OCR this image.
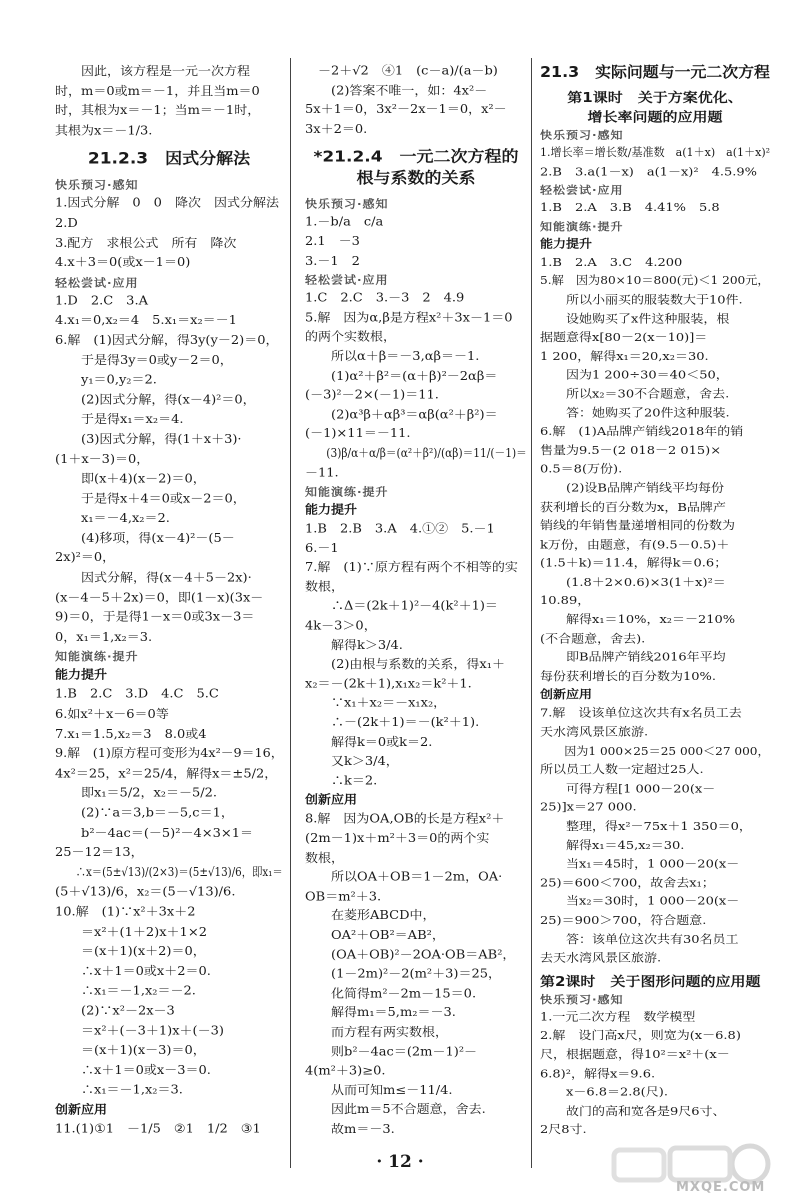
　　因此，该方程是一元一次方程
时，m＝0或m＝－1，并且当m＝0
时，其根为x＝－1；当m＝－1时，
其根为x＝－1/3.
21.2.3　因式分解法
快乐预习·感知
1.因式分解　0　0　降次　因式分解法
2.D
3.配方　求根公式　所有　降次
4.x＋3＝0(或x－1＝0)
轻松尝试·应用
1.D　2.C　3.A
4.x₁＝0,x₂＝4　5.x₁＝x₂＝－1
6.解　(1)因式分解，得3y(y－2)＝0，
　　于是得3y＝0或y－2＝0，
　　y₁＝0,y₂＝2.
　　(2)因式分解，得(x－4)²＝0，
　　于是得x₁＝x₂＝4.
　　(3)因式分解，得(1＋x＋3)·
(1＋x－3)＝0，
　　即(x＋4)(x－2)＝0，
　　于是得x＋4＝0或x－2＝0，
　　x₁＝－4,x₂＝2.
　　(4)移项，得(x－4)²－(5－
2x)²＝0，
　　因式分解，得(x－4＋5－2x)·
(x－4－5＋2x)＝0，即(1－x)(3x－
9)＝0，于是得1－x＝0或3x－3＝
0，x₁＝1,x₂＝3.
知能演练·提升
能力提升
1.B　2.C　3.D　4.C　5.C
6.如x²＋x－6＝0等
7.x₁＝1.5,x₂＝3　8.0或4
9.解　(1)原方程可变形为4x²－9＝16，
4x²＝25，x²＝25/4，解得x＝±5/2，
　　即x₁＝5/2，x₂＝－5/2.
　　(2)∵a＝3,b＝－5,c＝1，
　　b²－4ac＝(－5)²－4×3×1＝
25－12＝13，
　　∴x＝(5±√13)/(2×3)＝(5±√13)/6，即x₁＝
(5＋√13)/6，x₂＝(5－√13)/6.
10.解　(1)∵x²＋3x＋2
　　＝x²＋(1＋2)x＋1×2
　　＝(x＋1)(x＋2)＝0，
　　∴x＋1＝0或x＋2＝0.
　　∴x₁＝－1,x₂＝－2.
　　(2)∵x²－2x－3
　　＝x²＋(－3＋1)x＋(－3)
　　＝(x＋1)(x－3)＝0，
　　∴x＋1＝0或x－3＝0.
　　∴x₁＝－1,x₂＝3.
创新应用
11.(1)①1　－1/5　②1　1/2　③1
　－2＋√2　④1　(c－a)/(a－b)
　　(2)答案不唯一，如：4x²－
5x＋1＝0，3x²－2x－1＝0，x²－
3x＋2＝0.
*21.2.4　一元二次方程的
根与系数的关系
快乐预习·感知
1.－b/a　c/a
2.1　－3
3.－1　2
轻松尝试·应用
1.C　2.C　3.－3　2　4.9
5.解　因为α,β是方程x²＋3x－1＝0
的两个实数根，
　　所以α＋β＝－3,αβ＝－1.
　　(1)α²＋β²＝(α＋β)²－2αβ＝
(－3)²－2×(－1)＝11.
　　(2)α³β＋αβ³＝αβ(α²＋β²)＝
(－1)×11＝－11.
　　(3)β/α＋α/β＝(α²＋β²)/(αβ)＝11/(－1)＝
－11.
知能演练·提升
能力提升
1.B　2.B　3.A　4.①②　5.－1
6.－1
7.解　(1)∵原方程有两个不相等的实
数根，
　　∴Δ＝(2k＋1)²－4(k²＋1)＝
4k－3＞0，
　　解得k＞3/4.
　　(2)由根与系数的关系，得x₁＋
x₂＝－(2k＋1),x₁x₂＝k²＋1.
　　∵x₁＋x₂＝－x₁x₂，
　　∴－(2k＋1)＝－(k²＋1).
　　解得k＝0或k＝2.
　　又k＞3/4，
　　∴k＝2.
创新应用
8.解　因为OA,OB的长是方程x²＋
(2m－1)x＋m²＋3＝0的两个实
数根，
　　所以OA＋OB＝1－2m，OA·
OB＝m²＋3.
　　在菱形ABCD中，
　　OA²＋OB²＝AB²，
　　(OA＋OB)²－2OA·OB＝AB²，
　　(1－2m)²－2(m²＋3)＝25，
　　化简得m²－2m－15＝0.
　　解得m₁＝5,m₂＝－3.
　　而方程有两实数根，
　　则b²－4ac＝(2m－1)²－
4(m²＋3)≥0.
　　从而可知m≤－11/4.
　　因此m＝5不合题意，舍去.
　　故m＝－3.
21.3　实际问题与一元二次方程
第1课时　关于方案优化、
增长率问题的应用题
快乐预习·感知
1.增长率＝增长数/基准数　a(1＋x)　a(1＋x)²
2.B　3.a(1－x)　a(1－x)²　4.5.9%
轻松尝试·应用
1.B　2.A　3.B　4.41%　5.8
知能演练·提升
能力提升
1.B　2.A　3.C　4.200
5.解　因为80×10＝800(元)＜1 200元，
　　所以小丽买的服装数大于10件.
　　设她购买了x件这种服装，根
据题意得x[80－2(x－10)]＝
1 200，解得x₁＝20,x₂＝30.
　　因为1 200÷30＝40＜50，
　　所以x₂＝30不合题意，舍去.
　　答：她购买了20件这种服装.
6.解　(1)A品牌产销线2018年的销
售量为9.5－(2 018－2 015)×
0.5＝8(万份).
　　(2)设B品牌产销线平均每份
获利增长的百分数为x，B品牌产
销线的年销售量递增相同的份数为
k万份，由题意，有(9.5－0.5)＋
(1.5＋k)＝11.4，解得k＝0.6；
　　(1.8＋2×0.6)×3(1＋x)²＝
10.89，
　　解得x₁＝10%，x₂＝－210%
(不合题意，舍去).
　　即B品牌产销线2016年平均
每份获利增长的百分数为10%.
创新应用
7.解　设该单位这次共有x名员工去
天水湾风景区旅游.
　　因为1 000×25＝25 000＜27 000，
所以员工人数一定超过25人.
　　可得方程[1 000－20(x－
25)]x＝27 000.
　　整理，得x²－75x＋1 350＝0，
　　解得x₁＝45,x₂＝30.
　　当x₁＝45时，1 000－20(x－
25)＝600＜700，故舍去x₁；
　　当x₂＝30时，1 000－20(x－
25)＝900＞700，符合题意.
　　答：该单位这次共有30名员工
去天水湾风景区旅游.
第2课时　关于图形问题的应用题
快乐预习·感知
1.一元二次方程　数学模型
2.解　设门高x尺，则宽为(x－6.8)
尺，根据题意，得10²＝x²＋(x－
6.8)²，解得x＝9.6.
　　x－6.8＝2.8(尺).
　　故门的高和宽各是9尺6寸、
2尺8寸.
· 12 ·
MXQE.COM
